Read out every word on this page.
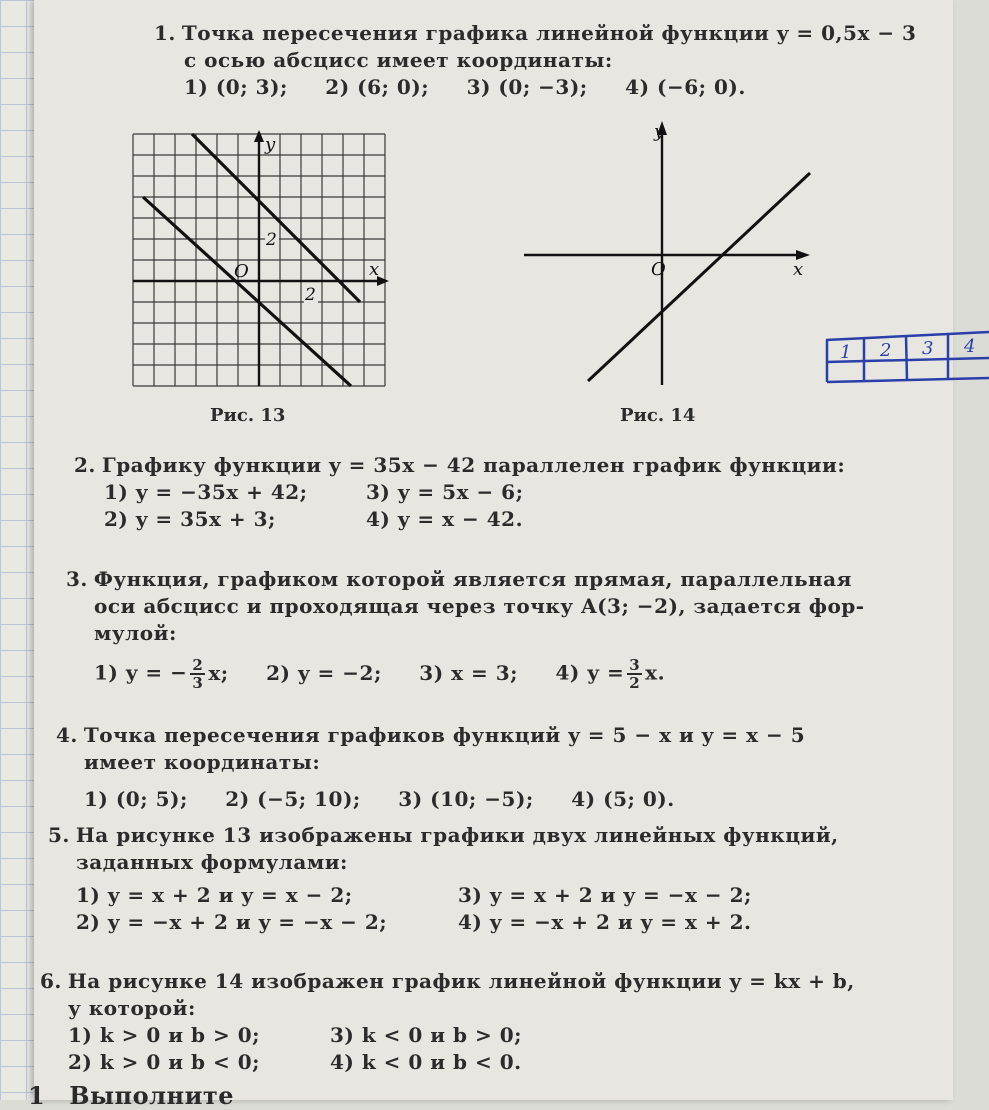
1. Точка пересечения графика линейной функции y = 0,5x − 3
с осью абсцисс имеет координаты:
1) (0; 3); 2) (6; 0); 3) (0; −3); 4) (−6; 0).
2
y
O
2
x
Рис. 13
y
O	x
Рис. 14
1 2 3 4
2. Графику функции y = 35x − 42 параллелен график функции:
1) y = −35x + 42;	3) y = 5x − 6;
2) y = 35x + 3;	4) y = x − 42.
3. Функция, графиком которой является прямая, параллельная
оси абсцисс и проходящая через точку A(3; −2), задается фор-
мулой:
1) y = − $\frac{2}{3} x$; 2) y = −2; 3) x = 3; 4) $y = \frac{3}{2} x$.
4. Точка пересечения графиков функций y = 5 − x и y = x − 5
имеет координаты:
1) (0; 5); 2) (−5; 10); 3) (10; −5); 4) (5; 0).
5. На рисунке 13 изображены графики двух линейных функций,
заданных формулами:
1) y = x + 2 и y = x − 2;	3) y = x + 2 и y = −x − 2;
2) y = −x + 2 и y = −x − 2;	4) y = −x + 2 и y = x + 2.
6. На рисунке 14 изображен график линейной функции y = kx + b,
у которой:
1) k > 0 и b > 0;	3) k < 0 и b > 0;
2) k > 0 и b < 0;	4) k < 0 и b < 0.
1 Выполните
